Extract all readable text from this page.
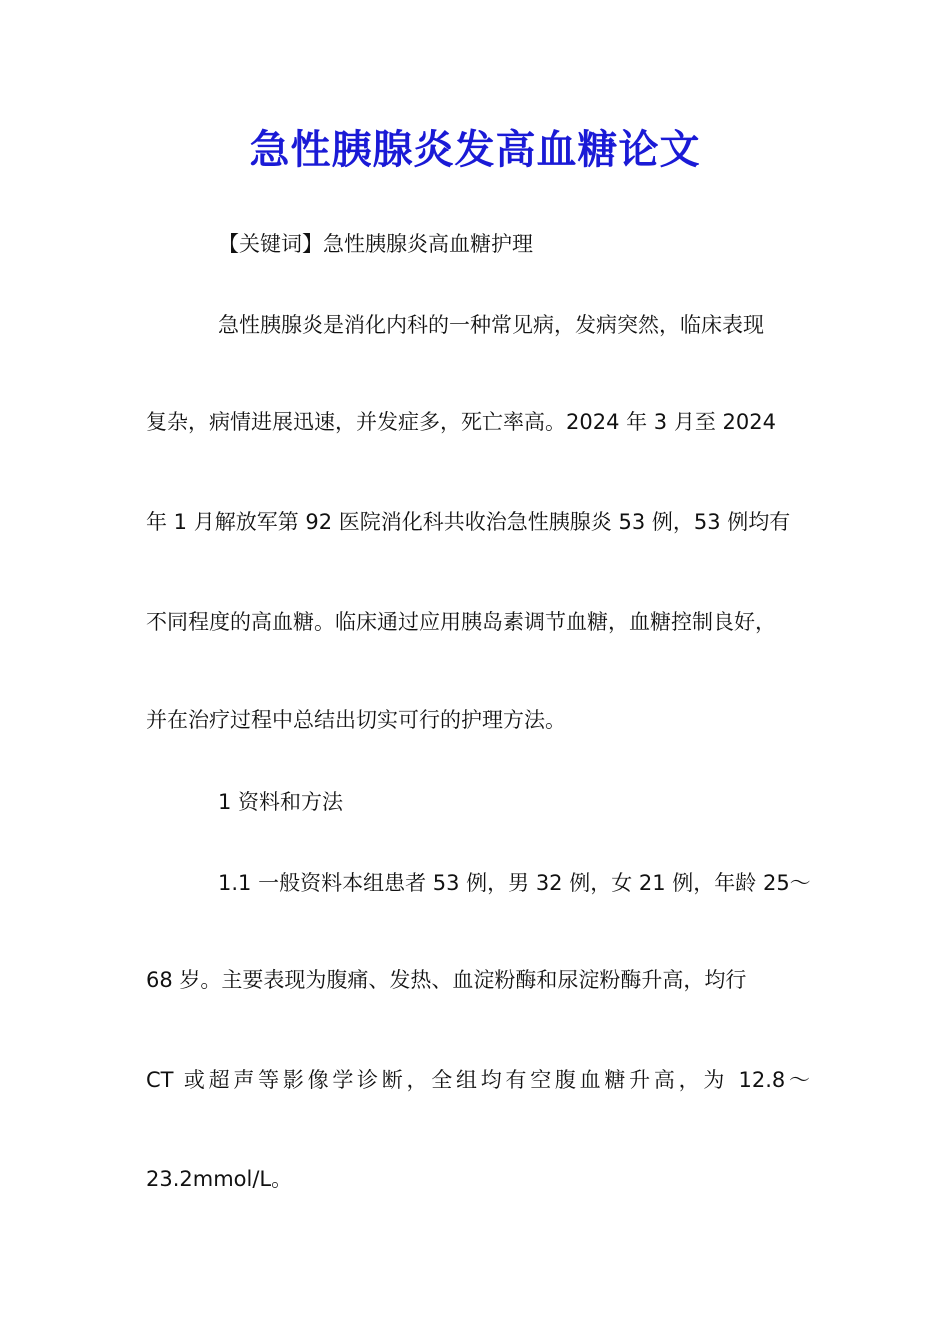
急性胰腺炎发高血糖论文
【关键词】急性胰腺炎高血糖护理
急性胰腺炎是消化内科的一种常见病，发病突然，临床表现
复杂，病情进展迅速，并发症多，死亡率高。2024 年 3 月至 2024
年 1 月解放军第 92 医院消化科共收治急性胰腺炎 53 例，53 例均有
不同程度的高血糖。临床通过应用胰岛素调节血糖，血糖控制良好，
并在治疗过程中总结出切实可行的护理方法。
1 资料和方法
1.1 一般资料本组患者 53 例，男 32 例，女 21 例，年龄 25～
68 岁。主要表现为腹痛、发热、血淀粉酶和尿淀粉酶升高，均行
CT 或超声等影像学诊断，全组均有空腹血糖升高，为 12.8～
23.2mmol/L。
